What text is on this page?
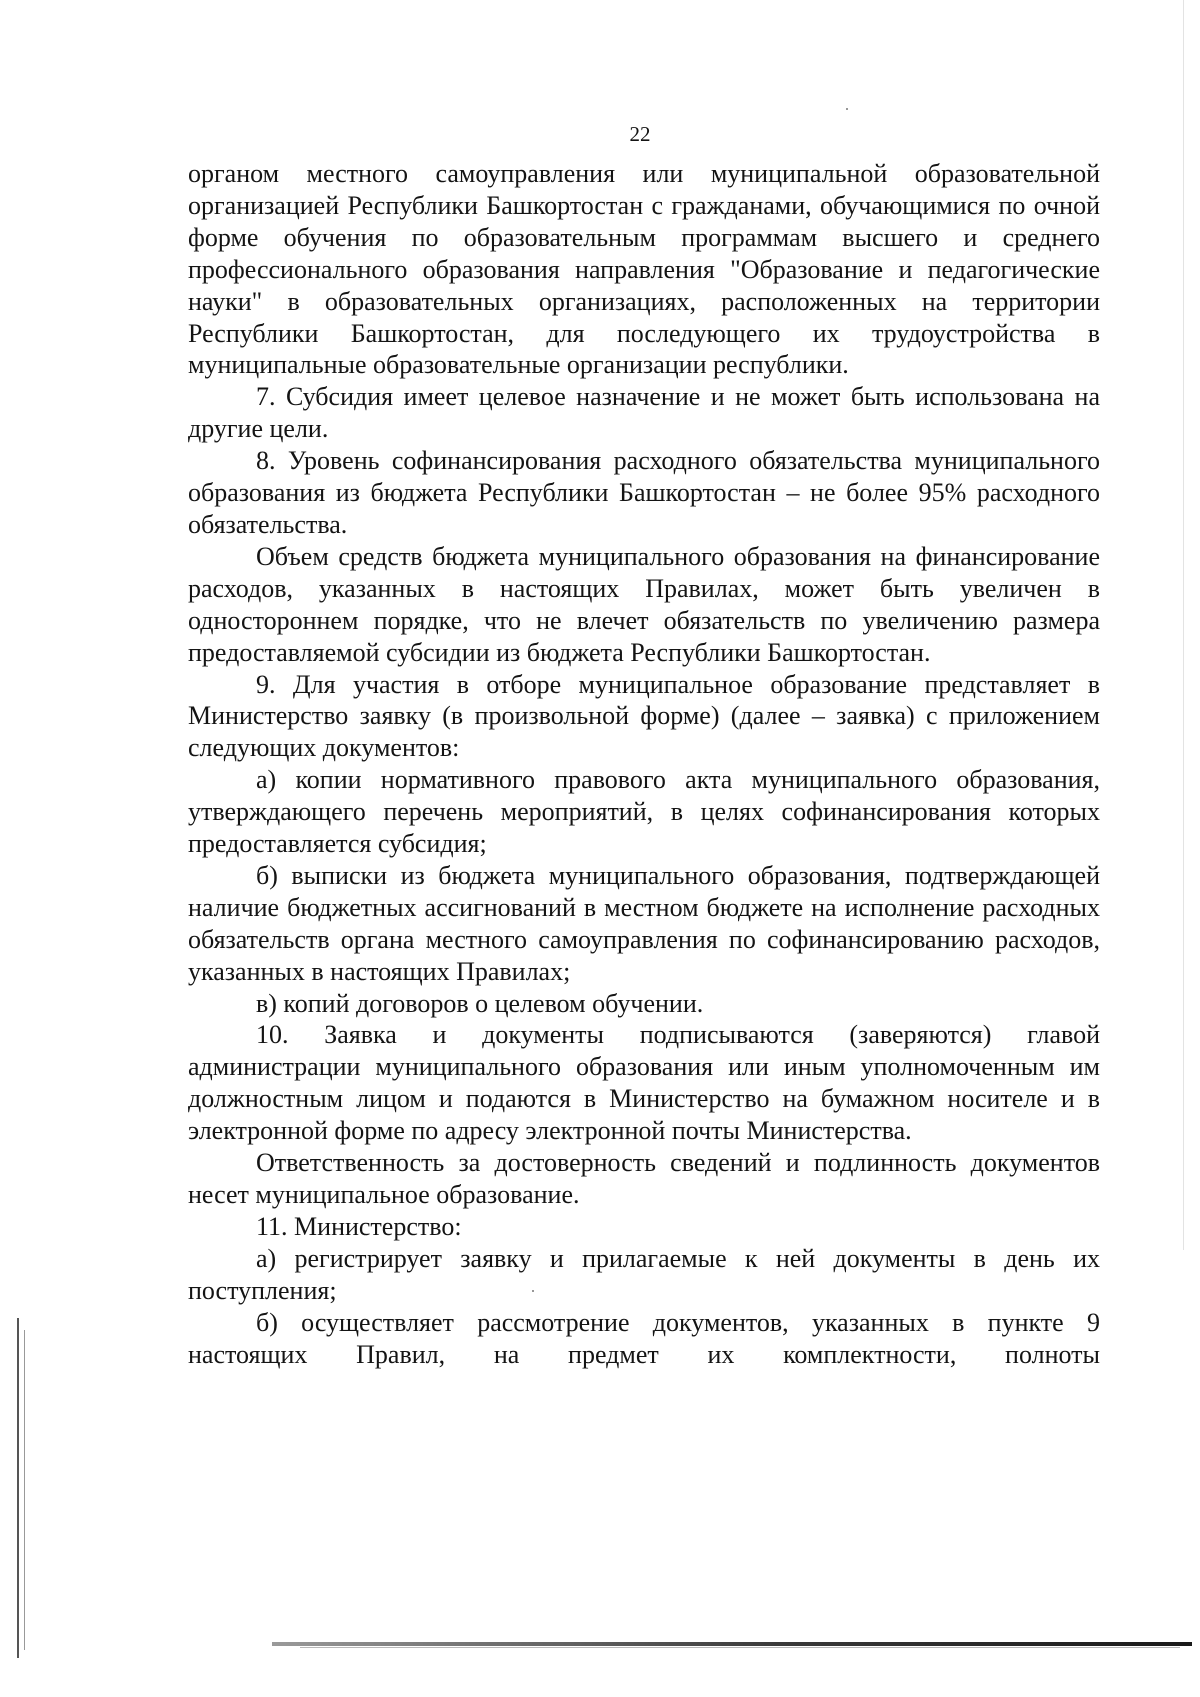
22

органом местного самоуправления или муниципальной образовательной организацией Республики Башкортостан с гражданами, обучающимися по очной форме обучения по образовательным программам высшего и среднего профессионального образования направления "Образование и педагогические науки" в образовательных организациях, расположенных на территории Республики Башкортостан, для последующего их трудоустройства в муниципальные образовательные организации республики.

7. Субсидия имеет целевое назначение и не может быть использована на другие цели.

8. Уровень софинансирования расходного обязательства муниципального образования из бюджета Республики Башкортостан – не более 95% расходного обязательства.

Объем средств бюджета муниципального образования на финансирование расходов, указанных в настоящих Правилах, может быть увеличен в одностороннем порядке, что не влечет обязательств по увеличению размера предоставляемой субсидии из бюджета Республики Башкортостан.

9. Для участия в отборе муниципальное образование представляет в Министерство заявку (в произвольной форме) (далее – заявка) с приложением следующих документов:

а) копии нормативного правового акта муниципального образования, утверждающего перечень мероприятий, в целях софинансирования которых предоставляется субсидия;

б) выписки из бюджета муниципального образования, подтверждающей наличие бюджетных ассигнований в местном бюджете на исполнение расходных обязательств органа местного самоуправления по софинансированию расходов, указанных в настоящих Правилах;

в) копий договоров о целевом обучении.

10. Заявка и документы подписываются (заверяются) главой администрации муниципального образования или иным уполномоченным им должностным лицом и подаются в Министерство на бумажном носителе и в электронной форме по адресу электронной почты Министерства.

Ответственность за достоверность сведений и подлинность документов несет муниципальное образование.

11. Министерство:

а) регистрирует заявку и прилагаемые к ней документы в день их поступления;

б) осуществляет рассмотрение документов, указанных в пункте 9 настоящих Правил, на предмет их комплектности, полноты
